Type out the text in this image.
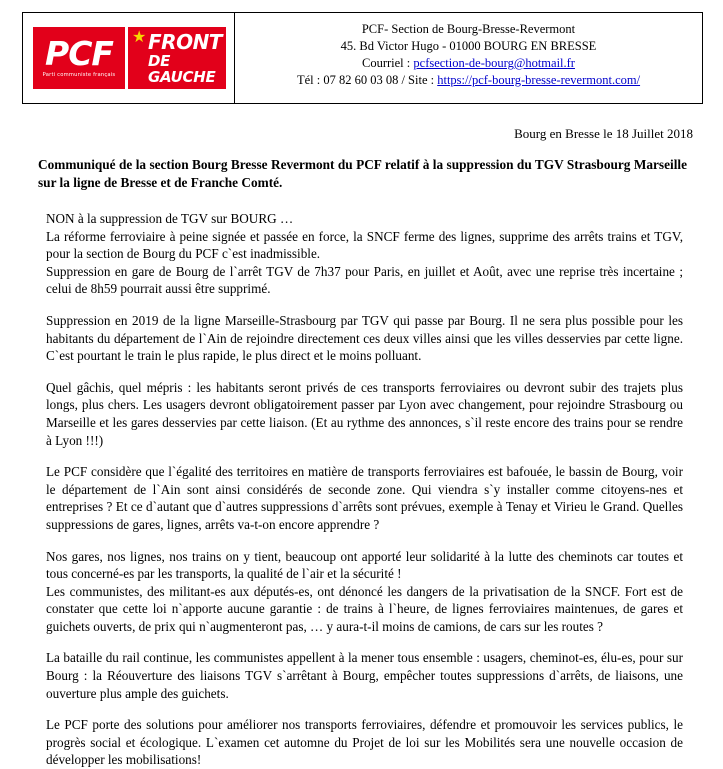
PCF
Parti communiste français
★ FRONT
DE GAUCHE
PCF- Section de Bourg-Bresse-Revermont
45. Bd Victor Hugo - 01000 BOURG EN BRESSE
Courriel : pcfsection-de-bourg@hotmail.fr
Tél : 07 82 60 03 08 / Site : https://pcf-bourg-bresse-revermont.com/
Bourg en Bresse le 18 Juillet 2018
Communiqué de la section Bourg Bresse Revermont du PCF relatif à la suppression du TGV Strasbourg Marseille sur la ligne de Bresse et de Franche Comté.

NON à la suppression de TGV sur BOURG …

La réforme ferroviaire à peine signée et passée en force, la SNCF ferme des lignes, supprime des arrêts trains et TGV, pour la section de Bourg du PCF c`est inadmissible.

Suppression en gare de Bourg de l`arrêt TGV de 7h37 pour Paris, en juillet et Août, avec une reprise très incertaine ; celui de 8h59 pourrait aussi être supprimé.

Suppression en 2019 de la ligne Marseille-Strasbourg par TGV qui passe par Bourg. Il ne sera plus possible pour les habitants du département de l`Ain de rejoindre directement ces deux villes ainsi que les villes desservies par cette ligne. C`est pourtant le train le plus rapide, le plus direct et le moins polluant.

Quel gâchis, quel mépris : les habitants seront privés de ces transports ferroviaires ou devront subir des trajets plus longs, plus chers. Les usagers devront obligatoirement passer par Lyon avec changement, pour rejoindre Strasbourg ou Marseille et les gares desservies par cette liaison. (Et au rythme des annonces, s`il reste encore des trains pour se rendre à Lyon !!!)

Le PCF considère que l`égalité des territoires en matière de transports ferroviaires est bafouée, le bassin de Bourg, voir le département de l`Ain sont ainsi considérés de seconde zone. Qui viendra s`y installer comme citoyens-nes et entreprises ? Et ce d`autant que d`autres suppressions d`arrêts sont prévues, exemple à Tenay et Virieu le Grand. Quelles suppressions de gares, lignes, arrêts va-t-on encore apprendre ?

Nos gares, nos lignes, nos trains on y tient, beaucoup ont apporté leur solidarité à la lutte des cheminots car toutes et tous concerné-es par les transports, la qualité de l`air et la sécurité !

Les communistes, des militant-es aux députés-es, ont dénoncé les dangers de la privatisation de la SNCF. Fort est de constater que cette loi n`apporte aucune garantie : de trains à l`heure, de lignes ferroviaires maintenues, de gares et guichets ouverts, de prix qui n`augmenteront pas, … y aura-t-il moins de camions, de cars sur les routes ?

La bataille du rail continue, les communistes appellent à la mener tous ensemble : usagers, cheminot-es, élu-es, pour sur Bourg : la Réouverture des liaisons TGV s`arrêtant à Bourg, empêcher toutes suppressions d`arrêts, de liaisons, une ouverture plus ample des guichets.

Le PCF porte des solutions pour améliorer nos transports ferroviaires, défendre et promouvoir les services publics, le progrès social et écologique. L`examen cet automne du Projet de loi sur les Mobilités sera une nouvelle occasion de développer les mobilisations!
